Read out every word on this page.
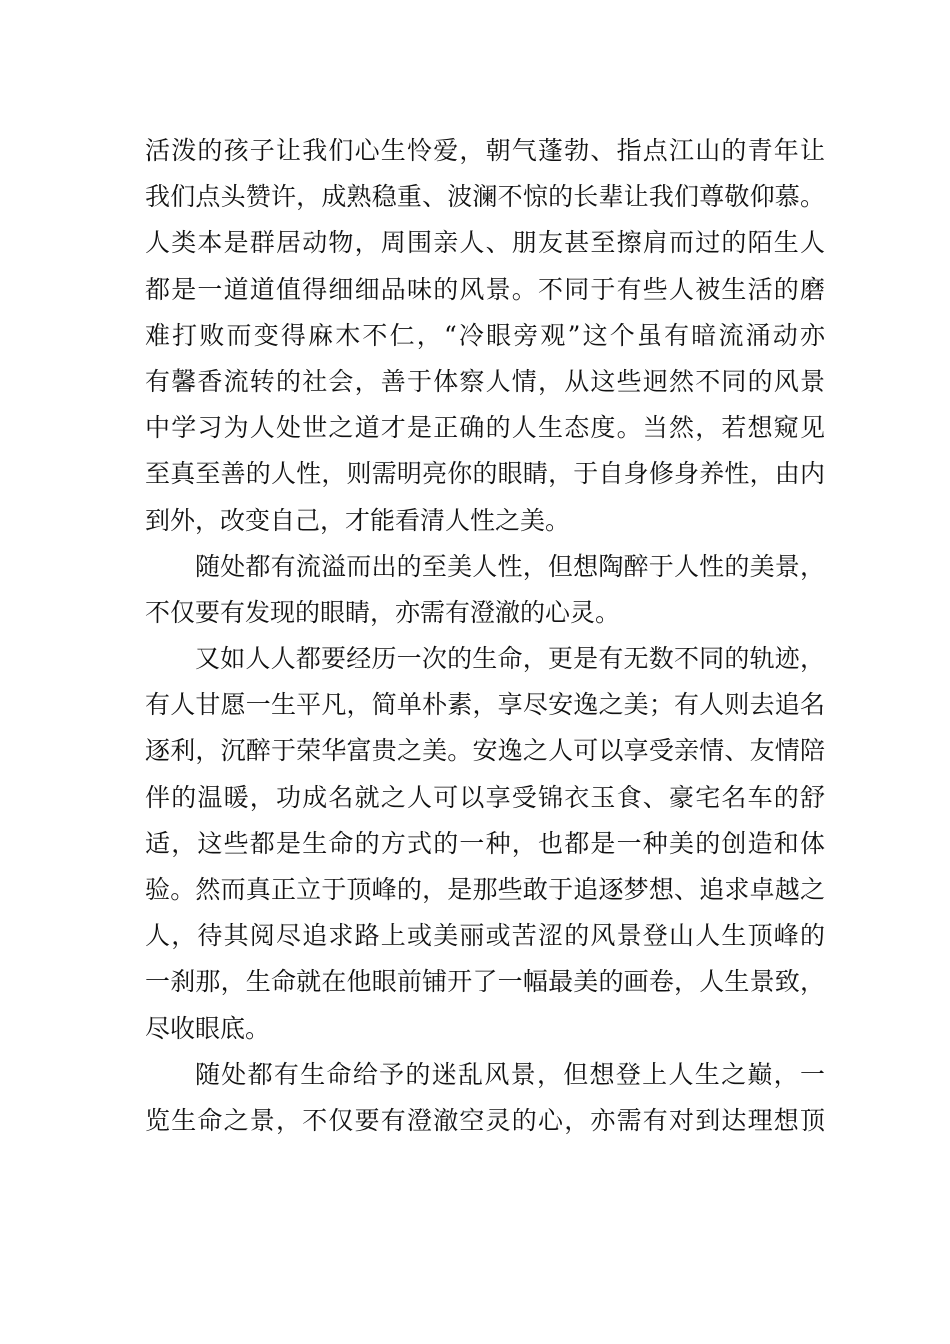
活泼的孩子让我们心生怜爱，朝气蓬勃、指点江山的青年让
我们点头赞许，成熟稳重、波澜不惊的长辈让我们尊敬仰慕。
人类本是群居动物，周围亲人、朋友甚至擦肩而过的陌生人
都是一道道值得细细品味的风景。不同于有些人被生活的磨
难打败而变得麻木不仁，“冷眼旁观”这个虽有暗流涌动亦
有馨香流转的社会，善于体察人情，从这些迥然不同的风景
中学习为人处世之道才是正确的人生态度。当然，若想窥见
至真至善的人性，则需明亮你的眼睛，于自身修身养性，由内
到外，改变自己，才能看清人性之美。
随处都有流溢而出的至美人性，但想陶醉于人性的美景，
不仅要有发现的眼睛，亦需有澄澈的心灵。
又如人人都要经历一次的生命，更是有无数不同的轨迹，
有人甘愿一生平凡，简单朴素，享尽安逸之美；有人则去追名
逐利，沉醉于荣华富贵之美。安逸之人可以享受亲情、友情陪
伴的温暖，功成名就之人可以享受锦衣玉食、豪宅名车的舒
适，这些都是生命的方式的一种，也都是一种美的创造和体
验。然而真正立于顶峰的，是那些敢于追逐梦想、追求卓越之
人，待其阅尽追求路上或美丽或苦涩的风景登山人生顶峰的
一刹那，生命就在他眼前铺开了一幅最美的画卷，人生景致，
尽收眼底。
随处都有生命给予的迷乱风景，但想登上人生之巅，一
览生命之景，不仅要有澄澈空灵的心，亦需有对到达理想顶
